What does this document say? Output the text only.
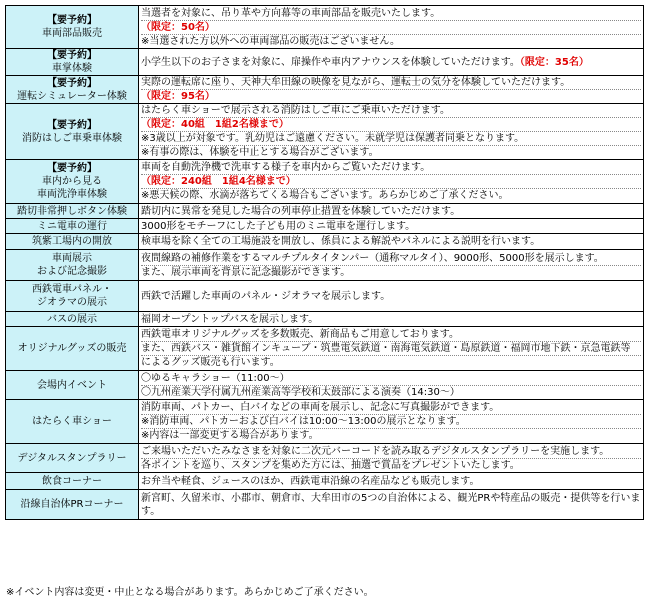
【要予約】
車両部品販売	当選者を対象に、吊り革や方向幕等の車両部品を販売いたします。
（限定：50名）
※当選された方以外への車両部品の販売はございません。

【要予約】
車掌体験	小学生以下のお子さまを対象に、扉操作や車内アナウンスを体験していただけます。（限定：35名）

【要予約】
運転シミュレーター体験	実際の運転席に座り、天神大牟田線の映像を見ながら、運転士の気分を体験していただけます。
（限定：95名）

【要予約】
消防はしご車乗車体験	はたらく車ショーで展示される消防はしご車にご乗車いただけます。
（限定：40組　1組2名様まで）
※3歳以上が対象です。乳幼児はご遠慮ください。未就学児は保護者同乗となります。
※有事の際は、体験を中止とする場合がございます。

【要予約】
車内から見る
車両洗浄車体験	車両を自動洗浄機で洗車する様子を車内からご覧いただけます。
（限定：240組　1組4名様まで）
※悪天候の際、水滴が落ちてくる場合もございます。あらかじめご了承ください。

踏切非常押しボタン体験	踏切内に異常を発見した場合の列車停止措置を体験していただけます。

ミニ電車の運行	3000形をモチーフにした子ども用のミニ電車を運行します。

筑紫工場内の開放	検車場を除く全ての工場施設を開放し、係員による解説やパネルによる説明を行います。

車両展示
および記念撮影	夜間線路の補修作業をするマルチプルタイタンパー（通称マルタイ）、9000形、5000形を展示します。
また、展示車両を背景に記念撮影ができます。

西鉄電車パネル・
ジオラマの展示	西鉄で活躍した車両のパネル・ジオラマを展示します。

バスの展示	福岡オープントップバスを展示します。

オリジナルグッズの販売	西鉄電車オリジナルグッズを多数販売、新商品もご用意しております。
また、西鉄バス・雑貨館インキューブ・筑豊電気鉄道・南海電気鉄道・島原鉄道・福岡市地下鉄・京急電鉄等
によるグッズ販売も行います。

会場内イベント	〇ゆるキャラショー（11:00～）
〇九州産業大学付属九州産業高等学校和太鼓部による演奏（14:30～）

はたらく車ショー	消防車両、パトカー、白バイなどの車両を展示し、記念に写真撮影ができます。
※消防車両、パトカーおよび白バイは10:00～13:00の展示となります。
※内容は一部変更する場合があります。

デジタルスタンプラリー	ご来場いただいたみなさまを対象に二次元バーコードを読み取るデジタルスタンプラリーを実施します。
各ポイントを巡り、スタンプを集めた方には、抽選で賞品をプレゼントいたします。

飲食コーナー	お弁当や軽食、ジュースのほか、西鉄電車沿線の名産品なども販売します。

沿線自治体PRコーナー	新宮町、久留米市、小郡市、朝倉市、大牟田市の5つの自治体による、観光PRや特産品の販売・提供等を行います。
※イベント内容は変更・中止となる場合があります。あらかじめご了承ください。
